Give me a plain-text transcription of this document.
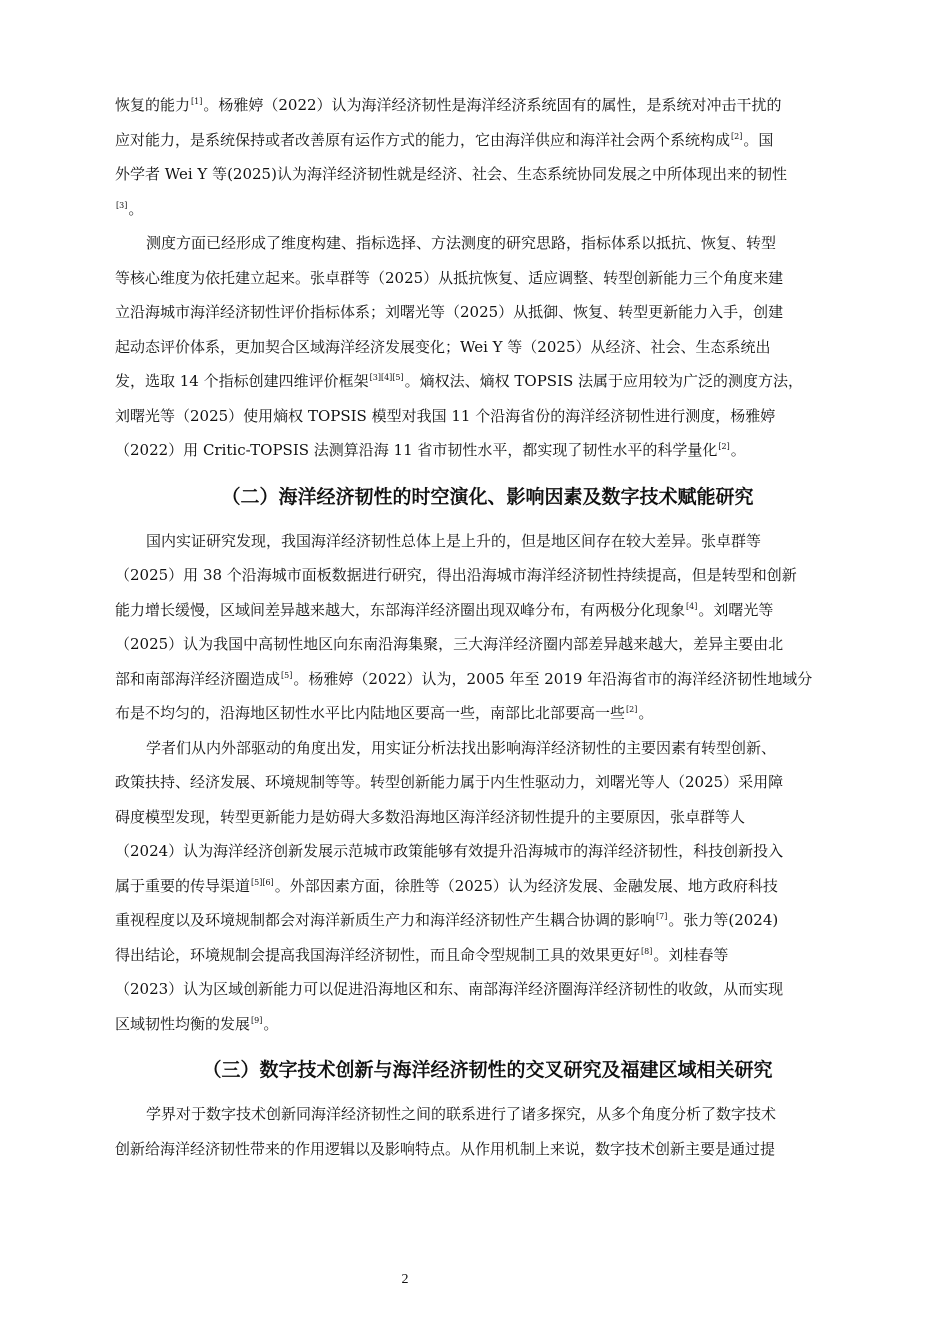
恢复的能力[1]。杨雅婷（2022）认为海洋经济韧性是海洋经济系统固有的属性，是系统对冲击干扰的
应对能力，是系统保持或者改善原有运作方式的能力，它由海洋供应和海洋社会两个系统构成[2]。国
外学者 Wei Y 等(2025)认为海洋经济韧性就是经济、社会、生态系统协同发展之中所体现出来的韧性
[3]。
测度方面已经形成了维度构建、指标选择、方法测度的研究思路，指标体系以抵抗、恢复、转型
等核心维度为依托建立起来。张卓群等（2025）从抵抗恢复、适应调整、转型创新能力三个角度来建
立沿海城市海洋经济韧性评价指标体系；刘曙光等（2025）从抵御、恢复、转型更新能力入手，创建
起动态评价体系，更加契合区域海洋经济发展变化；Wei Y 等（2025）从经济、社会、生态系统出
发，选取 14 个指标创建四维评价框架[3][4][5]。熵权法、熵权 TOPSIS 法属于应用较为广泛的测度方法，
刘曙光等（2025）使用熵权 TOPSIS 模型对我国 11 个沿海省份的海洋经济韧性进行测度，杨雅婷
（2022）用 Critic-TOPSIS 法测算沿海 11 省市韧性水平，都实现了韧性水平的科学量化[2]。
（二）海洋经济韧性的时空演化、影响因素及数字技术赋能研究
国内实证研究发现，我国海洋经济韧性总体上是上升的，但是地区间存在较大差异。张卓群等
（2025）用 38 个沿海城市面板数据进行研究，得出沿海城市海洋经济韧性持续提高，但是转型和创新
能力增长缓慢，区域间差异越来越大，东部海洋经济圈出现双峰分布，有两极分化现象[4]。刘曙光等
（2025）认为我国中高韧性地区向东南沿海集聚，三大海洋经济圈内部差异越来越大，差异主要由北
部和南部海洋经济圈造成[5]。杨雅婷（2022）认为，2005 年至 2019 年沿海省市的海洋经济韧性地域分
布是不均匀的，沿海地区韧性水平比内陆地区要高一些，南部比北部要高一些[2]。
学者们从内外部驱动的角度出发，用实证分析法找出影响海洋经济韧性的主要因素有转型创新、
政策扶持、经济发展、环境规制等等。转型创新能力属于内生性驱动力，刘曙光等人（2025）采用障
碍度模型发现，转型更新能力是妨碍大多数沿海地区海洋经济韧性提升的主要原因，张卓群等人
（2024）认为海洋经济创新发展示范城市政策能够有效提升沿海城市的海洋经济韧性，科技创新投入
属于重要的传导渠道[5][6]。外部因素方面，徐胜等（2025）认为经济发展、金融发展、地方政府科技
重视程度以及环境规制都会对海洋新质生产力和海洋经济韧性产生耦合协调的影响[7]。张力等(2024)
得出结论，环境规制会提高我国海洋经济韧性，而且命令型规制工具的效果更好[8]。刘桂春等
（2023）认为区域创新能力可以促进沿海地区和东、南部海洋经济圈海洋经济韧性的收敛，从而实现
区域韧性均衡的发展[9]。
（三）数字技术创新与海洋经济韧性的交叉研究及福建区域相关研究
学界对于数字技术创新同海洋经济韧性之间的联系进行了诸多探究，从多个角度分析了数字技术
创新给海洋经济韧性带来的作用逻辑以及影响特点。从作用机制上来说，数字技术创新主要是通过提
2
